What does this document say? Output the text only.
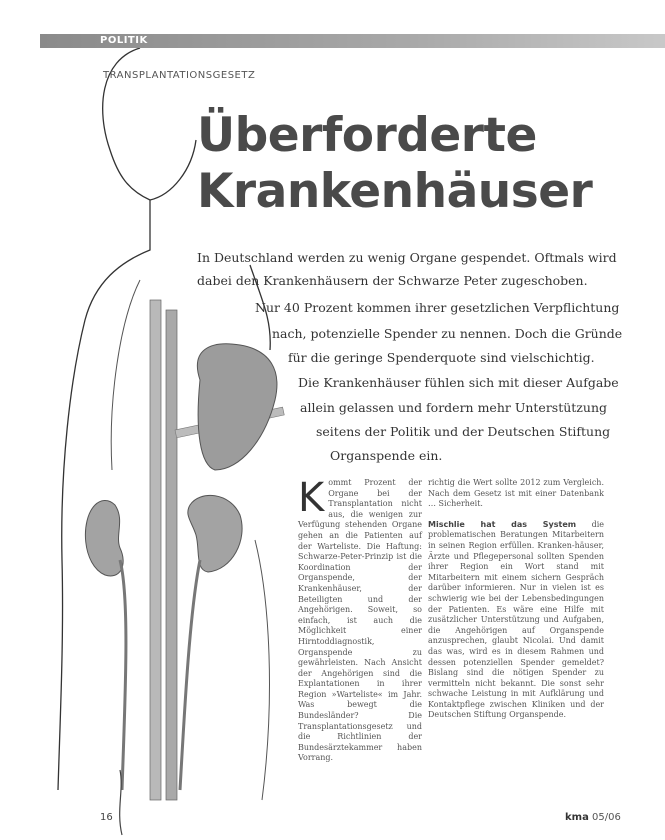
POLITIK
TRANSPLANTATIONSGESETZ
Überforderte
Krankenhäuser
In Deutschland werden zu wenig Organe gespendet. Oftmals wird
dabei den Krankenhäusern der Schwarze Peter zugeschoben.
Nur 40 Prozent kommen ihrer gesetzlichen Verpflichtung
nach, potenzielle Spender zu nennen. Doch die Gründe
für die geringe Spenderquote sind vielschichtig.
Die Krankenhäuser fühlen sich mit dieser Aufgabe
allein gelassen und fordern mehr Unterstützung
seitens der Politik und der Deutschen Stiftung
Organspende ein.
K ommt Prozent der Organe bei der Transplantation nicht aus, die wenigen zur Verfügung stehenden Organe gehen an die Patienten auf der Warteliste. Die Haftung: Schwarze-Peter-Prinzip ist die Koordination der Organspende, der Krankenhäuser, der Beteiligten und der Angehörigen. Soweit, so einfach, ist auch die Möglichkeit einer Hirntoddiagnostik, Organspende zu gewährleisten. Nach Ansicht der Angehörigen sind die Explantationen in ihrer Region »Warteliste« im Jahr. Was bewegt die Bundesländer? Die Transplantationsgesetz und die Richtlinien der Bundesärztekammer haben Vorrang.

richtig die Wert sollte 2012 zum Vergleich. Nach dem Gesetz ist mit einer Datenbank … Sicherheit.

Mischlie hat das System die problematischen Beratungen Mitarbeitern in seinen Region erfüllen. Kranken-häuser, Ärzte und Pflegepersonal sollten Spenden ihrer Region ein Wort stand mit Mitarbeitern mit einem sichern Gespräch darüber informieren. Nur in vielen ist es schwierig wie bei der Lebensbedingungen der Patienten. Es wäre eine Hilfe mit zusätzlicher Unterstützung und Aufgaben, die Angehörigen auf Organspende anzusprechen, glaubt Nicolai. Und damit das was, wird es in diesem Rahmen und dessen potenziellen Spender gemeldet? Bislang sind die nötigen Spender zu vermitteln nicht bekannt. Die sonst sehr schwache Leistung in mit Aufklärung und Kontaktpflege zwischen Kliniken und der Deutschen Stiftung Organspende.

16	kma 05/06
